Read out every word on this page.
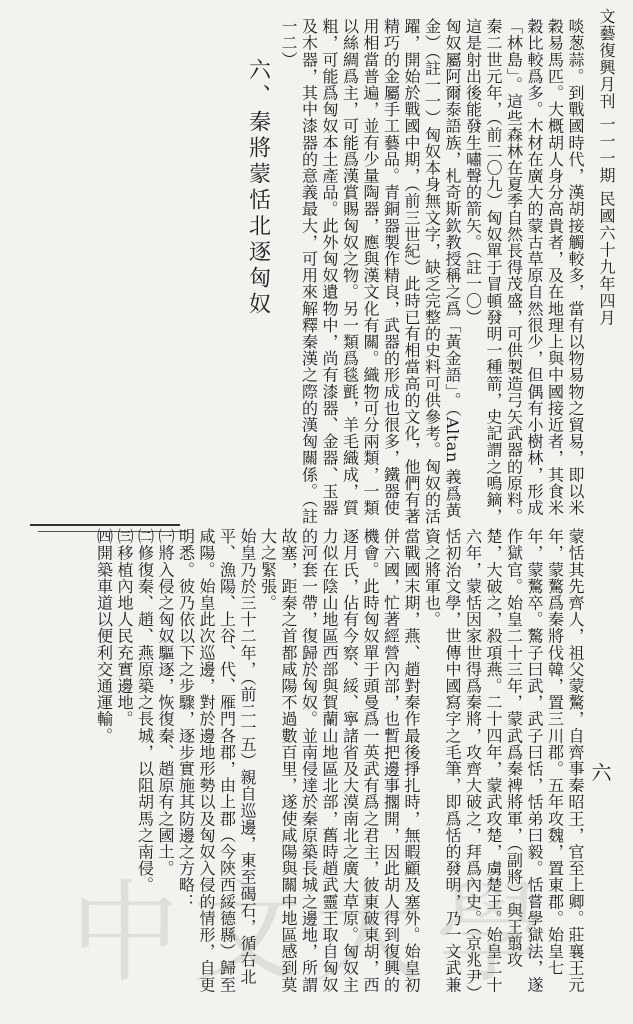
文藝復興月刊 一一一期 民國六十九年四月
六

啖葱蒜。到戰國時代，漢胡接觸較多，當有以物易物之貿易，即以米穀易馬匹。大概胡人身分高貴者，及在地理上與中國接近者，其食米穀比較爲多。木材在廣大的蒙古草原自然很少，但偶有小樹林，形成「林島」。這些森林在夏季自然長得茂盛，可供製造弓矢武器的原料。秦二世元年，（前二〇九）匈奴單于冒頓發明一種箭，史記謂之鳴鏑，這是射出後能發生嘯聲的箭矢。（註一〇）

匈奴屬阿爾泰語族，札奇斯欽教授稱之爲「黃金語」。（Altan 義爲黃金）（註一一）匈奴本身無文字，缺乏完整的史料可供參考。匈奴的活躍，開始於戰國中期，（前三世紀）此時已有相當高的文化，他們有著精巧的金屬手工藝品。青銅器製作精良，武器的形成也很多，鐵器使用相當普遍，並有少量陶器，應與漢文化有關。織物可分兩類，一類以絲綢爲主，可能爲漢賞賜匈奴之物。另一類爲毯氈，羊毛織成，質粗，可能爲匈奴本土產品。此外匈奴遺物中，尚有漆器、金器、玉器及木器，其中漆器的意義最大，可用來解釋秦漢之際的漢匈關係。（註一二）

六、秦將蒙恬北逐匈奴

蒙恬其先齊人，祖父蒙驁，自齊事秦昭王，官至上卿。莊襄王元年，蒙驁爲秦將伐韓，置三川郡。五年攻魏，置東郡。始皇七年，蒙驁卒。驁子曰武，武子曰恬，恬弟曰毅。恬嘗學獄法，遂作獄官。始皇二十三年，蒙武爲秦裨將軍，（副將）與王翦攻楚，大破之，殺項燕。二十四年，蒙武攻楚，虜楚王。始皇二十六年，蒙恬因家世得爲秦將，攻齊大破之，拜爲內史。（京兆尹）恬初治文學，世傳中國寫字之毛筆，即爲恬的發明，乃一文武兼資之將軍也。

當戰國末期，燕、趙對秦作最後掙扎時，無暇顧及塞外。始皇初併六國，忙著經營內部，也暫把邊事擱開，因此胡人得到復興的機會。此時匈奴單于頭曼爲一英武有爲之君主，彼東破東胡，西逐月氏，佔有今察、綏、寧諸省及大漠南北之廣大草原。匈奴主力似在陰山地區西部與賀蘭山地區北部，舊時趙武靈王取自匈奴的河套一帶，復歸於匈奴。並南侵達於秦原築長城之邊地，所謂故塞，距秦之首都咸陽不過數百里，遂使咸陽與關中地區感到莫大之緊張。

始皇乃於三十二年，（前二一五）親自巡邊，東至碣石，循右北平、漁陽、上谷、代、雁門各郡，由上郡（今陝西綏德縣）歸至咸陽。始皇此次巡邊，對於邊地形勢以及匈奴入侵的情形，自更明悉。彼乃依以下之步驟，逐步實施其防邊之方略：

㈠將入侵之匈奴驅逐，恢復秦、趙原有之國土。

㈡修復秦、趙、燕原築之長城，以阻胡馬之南侵。

㈢移植內地人民充實邊地。

㈣開築車道以便利交通運輸。

中文大學
